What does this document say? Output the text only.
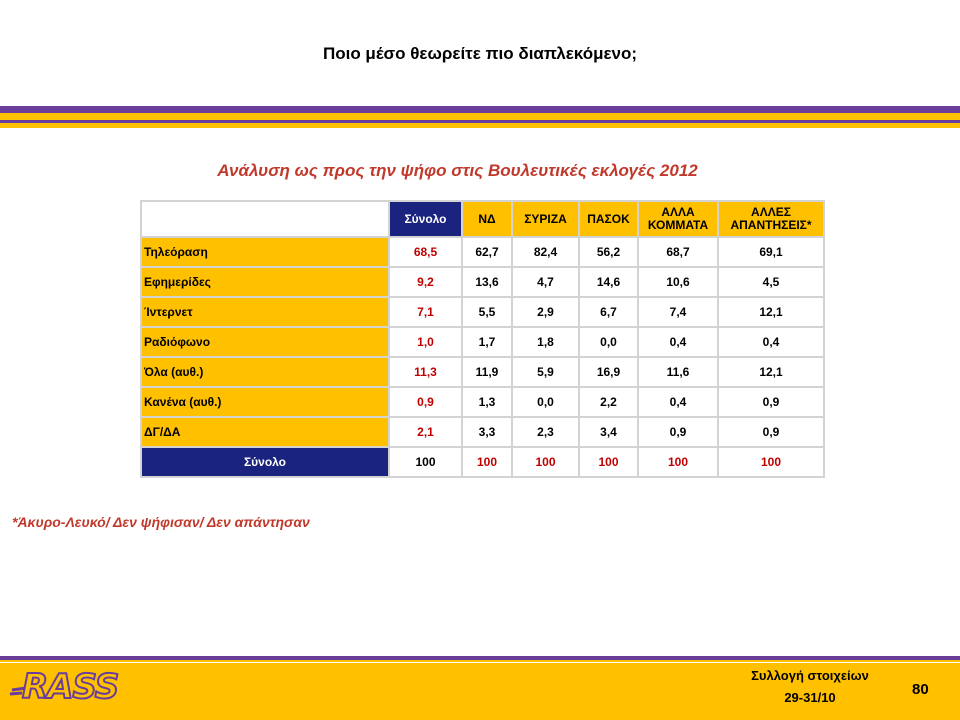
Ποιο μέσο θεωρείτε πιο διαπλεκόμενο;
Ανάλυση ως προς την ψήφο στις Βουλευτικές εκλογές 2012
	Σύνολο	ΝΔ	ΣΥΡΙΖΑ	ΠΑΣΟΚ	ΑΛΛΑ ΚΟΜΜΑΤΑ	ΑΛΛΕΣ ΑΠΑΝΤΗΣΕΙΣ*
Τηλεόραση	68,5	62,7	82,4	56,2	68,7	69,1
Εφημερίδες	9,2	13,6	4,7	14,6	10,6	4,5
Ίντερνετ	7,1	5,5	2,9	6,7	7,4	12,1
Ραδιόφωνο	1,0	1,7	1,8	0,0	0,4	0,4
Όλα (αυθ.)	11,3	11,9	5,9	16,9	11,6	12,1
Κανένα (αυθ.)	0,9	1,3	0,0	2,2	0,4	0,9
ΔΓ/ΔΑ	2,1	3,3	2,3	3,4	0,9	0,9
Σύνολο	100	100	100	100	100	100
*Άκυρο-Λευκό/ Δεν ψήφισαν/ Δεν απάντησαν
RASS	Συλλογή στοιχείων
29-31/10	80
